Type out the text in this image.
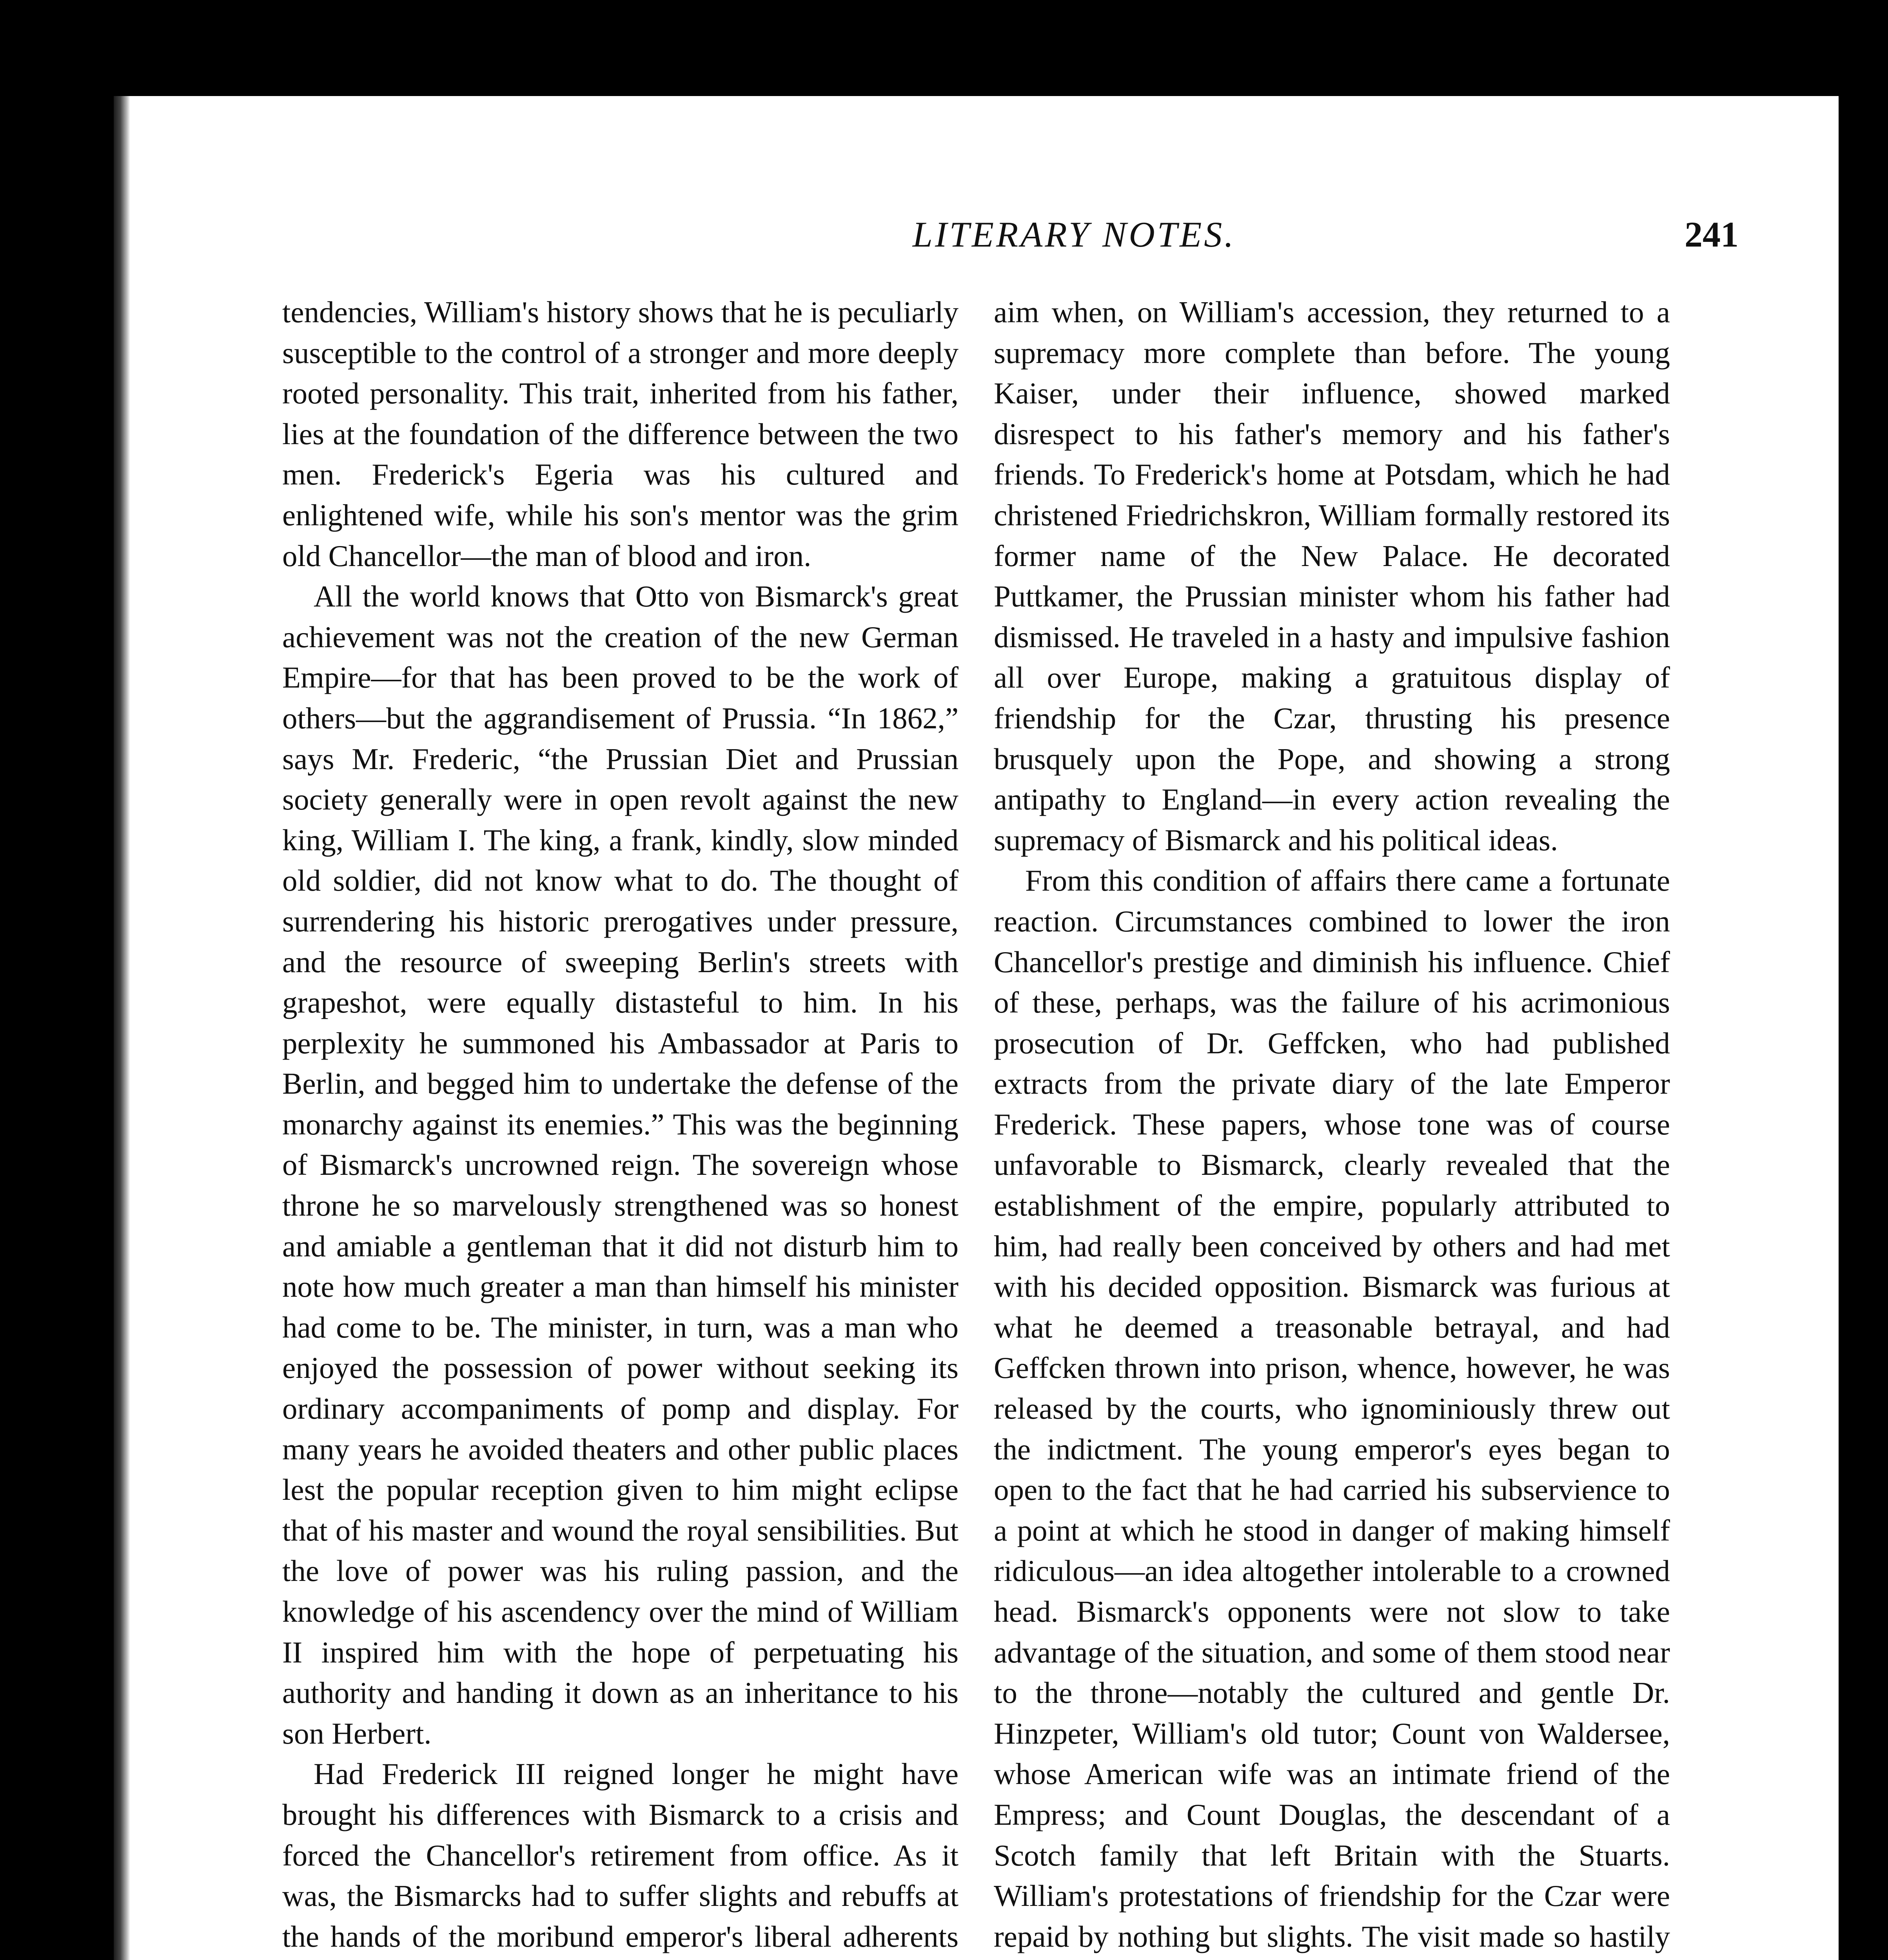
LITERARY NOTES.	241

tendencies, William's history shows that he is peculiarly susceptible to the control of a stronger and more deeply rooted personality. This trait, inherited from his father, lies at the foundation of the difference between the two men. Frederick's Egeria was his cultured and enlightened wife, while his son's mentor was the grim old Chancellor—the man of blood and iron.

All the world knows that Otto von Bismarck's great achievement was not the creation of the new German Empire—for that has been proved to be the work of others—but the aggrandisement of Prussia. “In 1862,” says Mr. Frederic, “the Prussian Diet and Prussian society generally were in open revolt against the new king, William I. The king, a frank, kindly, slow minded old soldier, did not know what to do. The thought of surrendering his historic prerogatives under pressure, and the resource of sweeping Berlin's streets with grapeshot, were equally distasteful to him. In his perplexity he summoned his Ambassador at Paris to Berlin, and begged him to undertake the defense of the monarchy against its enemies.” This was the beginning of Bismarck's uncrowned reign. The sovereign whose throne he so marvelously strengthened was so honest and amiable a gentleman that it did not disturb him to note how much greater a man than himself his minister had come to be. The minister, in turn, was a man who enjoyed the possession of power without seeking its ordinary accompaniments of pomp and display. For many years he avoided theaters and other public places lest the popular reception given to him might eclipse that of his master and wound the royal sensibilities. But the love of power was his ruling passion, and the knowledge of his ascendency over the mind of William II inspired him with the hope of perpetuating his authority and handing it down as an inheritance to his son Herbert.

Had Frederick III reigned longer he might have brought his differences with Bismarck to a crisis and forced the Chancellor's retirement from office. As it was, the Bismarcks had to suffer slights and rebuffs at the hands of the moribund emperor's liberal adherents

aim when, on William's accession, they returned to a supremacy more complete than before. The young Kaiser, under their influence, showed marked disrespect to his father's memory and his father's friends. To Frederick's home at Potsdam, which he had christened Friedrichskron, William formally restored its former name of the New Palace. He decorated Puttkamer, the Prussian minister whom his father had dismissed. He traveled in a hasty and impulsive fashion all over Europe, making a gratuitous display of friendship for the Czar, thrusting his presence brusquely upon the Pope, and showing a strong antipathy to England—in every action revealing the supremacy of Bismarck and his political ideas.

From this condition of affairs there came a fortunate reaction. Circumstances combined to lower the iron Chancellor's prestige and diminish his influence. Chief of these, perhaps, was the failure of his acrimonious prosecution of Dr. Geffcken, who had published extracts from the private diary of the late Emperor Frederick. These papers, whose tone was of course unfavorable to Bismarck, clearly revealed that the establishment of the empire, popularly attributed to him, had really been conceived by others and had met with his decided opposition. Bismarck was furious at what he deemed a treasonable betrayal, and had Geffcken thrown into prison, whence, however, he was released by the courts, who ignominiously threw out the indictment. The young emperor's eyes began to open to the fact that he had carried his subservience to a point at which he stood in danger of making himself ridiculous—an idea altogether intolerable to a crowned head. Bismarck's opponents were not slow to take advantage of the situation, and some of them stood near to the throne—notably the cultured and gentle Dr. Hinzpeter, William's old tutor; Count von Waldersee, whose American wife was an intimate friend of the Empress; and Count Douglas, the descendant of a Scotch family that left Britain with the Stuarts. William's protestations of friendship for the Czar were repaid by nothing but slights. The visit made so hastily
